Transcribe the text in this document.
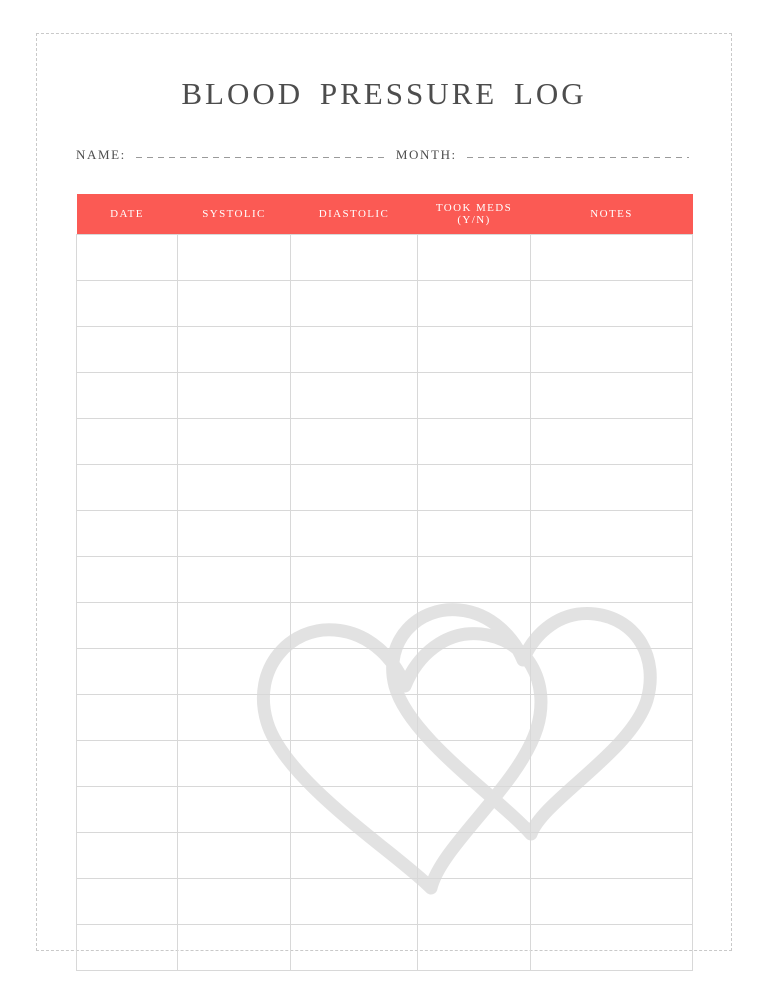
BLOOD PRESSURE LOG
NAME:	MONTH:
DATE	SYSTOLIC	DIASTOLIC	TOOK MEDS (Y/N)	NOTES
